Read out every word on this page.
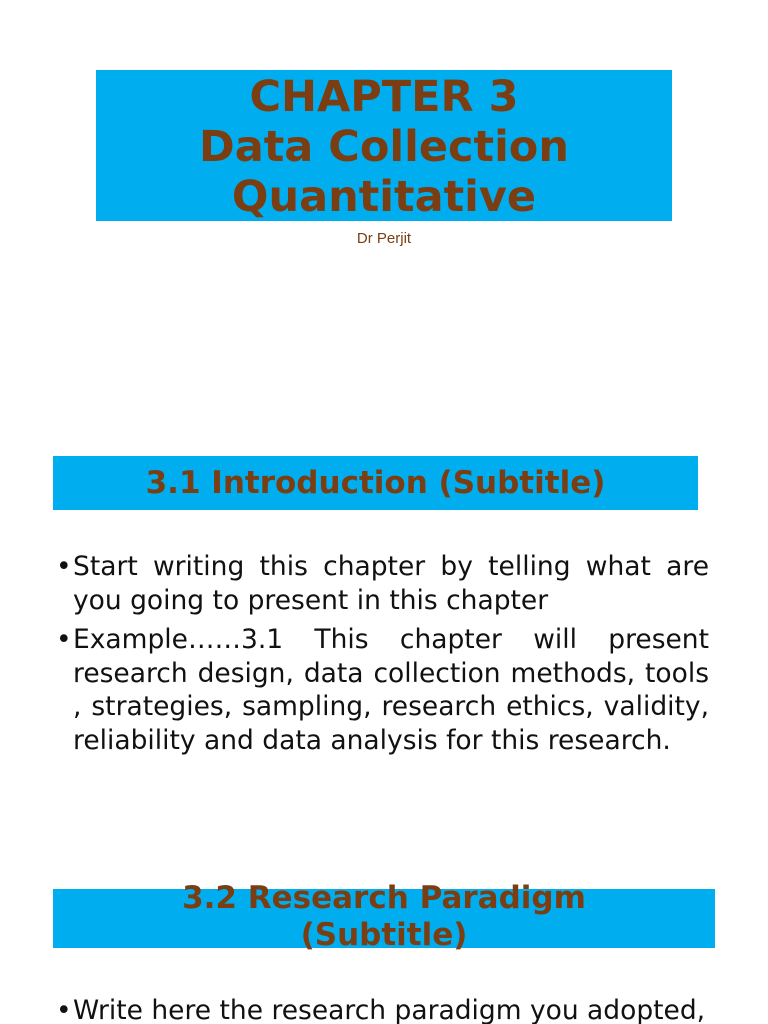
CHAPTER 3
Data Collection
Quantitative
Dr Perjit
3.1 Introduction (Subtitle)
• Start writing this chapter by telling what are you going to present in this chapter
• Example……3.1 This chapter will present research design, data collection methods, tools , strategies, sampling, research ethics, validity, reliability and data analysis for this research.
3.2 Research Paradigm
(Subtitle)
• Write here the research paradigm you adopted,
